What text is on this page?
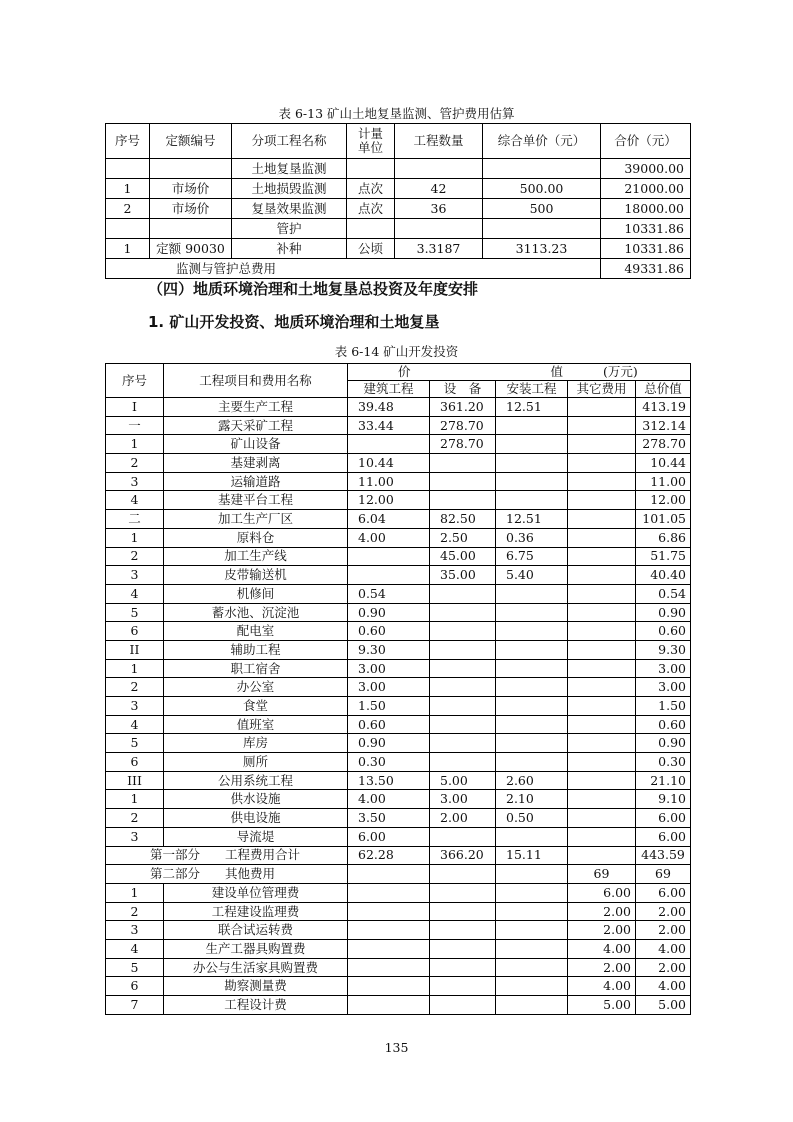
表 6-13 矿山土地复垦监测、管护费用估算
序号	定额编号	分项工程名称	计量单位	工程数量	综合单价（元）	合价（元）
		土地复垦监测				39000.00
1	市场价	土地损毁监测	点次	42	500.00	21000.00
2	市场价	复垦效果监测	点次	36	500	18000.00
		管护				10331.86
1	定额 90030	补种	公顷	3.3187	3113.23	10331.86
监测与管护总费用						49331.86
（四）地质环境治理和土地复垦总投资及年度安排
1. 矿山开发投资、地质环境治理和土地复垦
表 6-14 矿山开发投资
序号	工程项目和费用名称	价 值 (万元)				
		建筑工程	设　备	安装工程	其它费用	总价值
I	主要生产工程	39.48	361.20	12.51		413.19
一	露天采矿工程	33.44	278.70			312.14
1	矿山设备		278.70			278.70
2	基建剥离	10.44				10.44
3	运输道路	11.00				11.00
4	基建平台工程	12.00				12.00
二	加工生产厂区	6.04	82.50	12.51		101.05
1	原料仓	4.00	2.50	0.36		6.86
2	加工生产线		45.00	6.75		51.75
3	皮带输送机		35.00	5.40		40.40
4	机修间	0.54				0.54
5	蓄水池、沉淀池	0.90				0.90
6	配电室	0.60				0.60
II	辅助工程	9.30				9.30
1	职工宿舍	3.00				3.00
2	办公室	3.00				3.00
3	食堂	1.50				1.50
4	值班室	0.60				0.60
5	库房	0.90				0.90
6	厕所	0.30				0.30
III	公用系统工程	13.50	5.00	2.60		21.10
1	供水设施	4.00	3.00	2.10		9.10
2	供电设施	3.50	2.00	0.50		6.00
3	导流堤	6.00				6.00
第一部分　　工程费用合计		62.28	366.20	15.11		443.59
第二部分　　其他费用					69	69
1	建设单位管理费				6.00	6.00
2	工程建设监理费				2.00	2.00
3	联合试运转费				2.00	2.00
4	生产工器具购置费				4.00	4.00
5	办公与生活家具购置费				2.00	2.00
6	勘察测量费				4.00	4.00
7	工程设计费				5.00	5.00
135
